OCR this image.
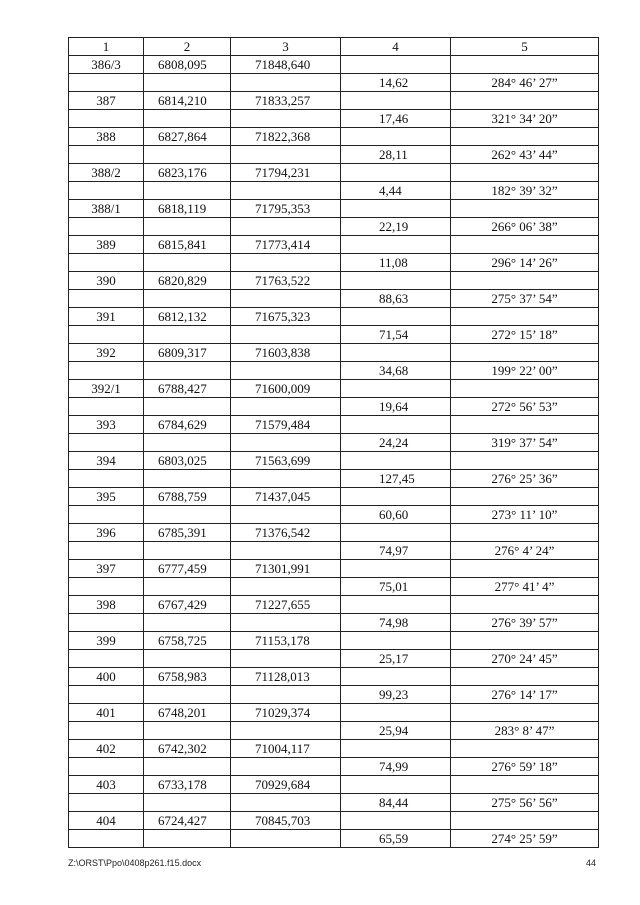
1	2	3	4	5
386/3	6808,095	71848,640		
			14,62	284° 46’ 27”
387	6814,210	71833,257		
			17,46	321° 34’ 20”
388	6827,864	71822,368		
			28,11	262° 43’ 44”
388/2	6823,176	71794,231		
			4,44	182° 39’ 32”
388/1	6818,119	71795,353		
			22,19	266° 06’ 38”
389	6815,841	71773,414		
			11,08	296° 14’ 26”
390	6820,829	71763,522		
			88,63	275° 37’ 54”
391	6812,132	71675,323		
			71,54	272° 15’ 18”
392	6809,317	71603,838		
			34,68	199° 22’ 00”
392/1	6788,427	71600,009		
			19,64	272° 56’ 53”
393	6784,629	71579,484		
			24,24	319° 37’ 54”
394	6803,025	71563,699		
			127,45	276° 25’ 36”
395	6788,759	71437,045		
			60,60	273° 11’ 10”
396	6785,391	71376,542		
			74,97	276° 4’ 24”
397	6777,459	71301,991		
			75,01	277° 41’ 4”
398	6767,429	71227,655		
			74,98	276° 39’ 57”
399	6758,725	71153,178		
			25,17	270° 24’ 45”
400	6758,983	71128,013		
			99,23	276° 14’ 17”
401	6748,201	71029,374		
			25,94	283° 8’ 47”
402	6742,302	71004,117		
			74,99	276° 59’ 18”
403	6733,178	70929,684		
			84,44	275° 56’ 56”
404	6724,427	70845,703		
			65,59	274° 25’ 59”
Z:\ORST\Ppo\0408p261.f15.docx	44
